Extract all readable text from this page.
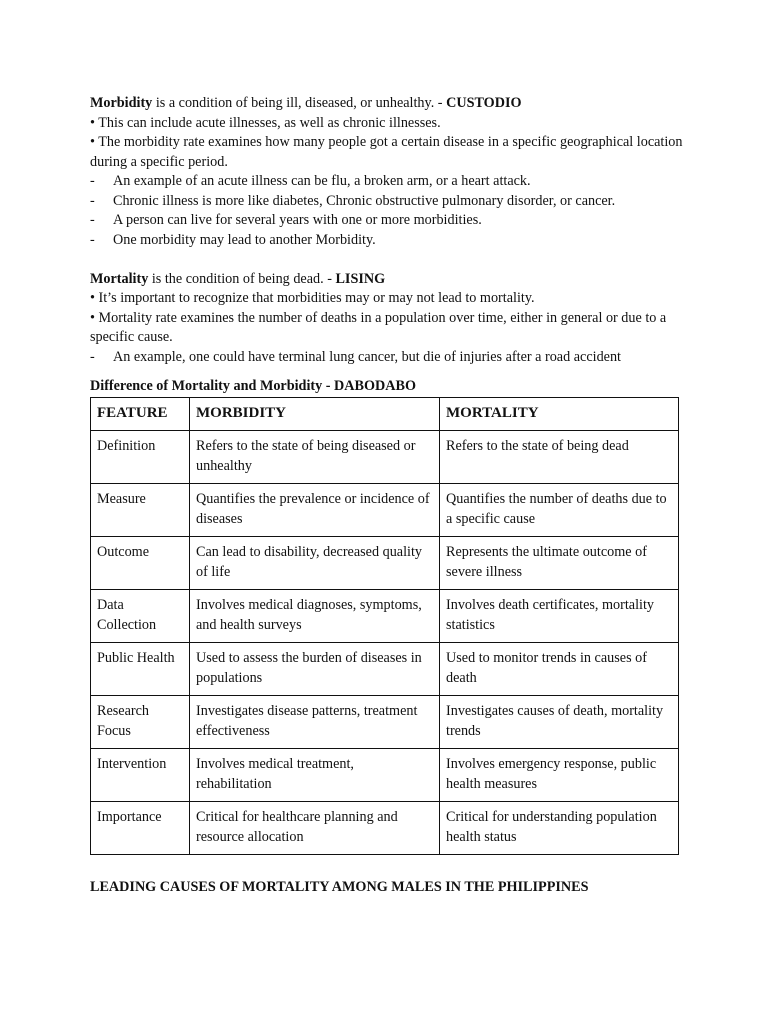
Morbidity is a condition of being ill, diseased, or unhealthy. - CUSTODIO

• This can include acute illnesses, as well as chronic illnesses.

• The morbidity rate examines how many people got a certain disease in a specific geographical location during a specific period.

- An example of an acute illness can be flu, a broken arm, or a heart attack.

- Chronic illness is more like diabetes, Chronic obstructive pulmonary disorder, or cancer.

- A person can live for several years with one or more morbidities.

- One morbidity may lead to another Morbidity.

Mortality is the condition of being dead. - LISING

• It’s important to recognize that morbidities may or may not lead to mortality.

• Mortality rate examines the number of deaths in a population over time, either in general or due to a specific cause.

- An example, one could have terminal lung cancer, but die of injuries after a road accident

Difference of Mortality and Morbidity - DABODABO

FEATURE	MORBIDITY	MORTALITY
Definition	Refers to the state of being diseased or unhealthy	Refers to the state of being dead
Measure	Quantifies the prevalence or incidence of diseases	Quantifies the number of deaths due to a specific cause
Outcome	Can lead to disability, decreased quality of life	Represents the ultimate outcome of severe illness
Data Collection	Involves medical diagnoses, symptoms, and health surveys	Involves death certificates, mortality statistics
Public Health	Used to assess the burden of diseases in populations	Used to monitor trends in causes of death
Research Focus	Investigates disease patterns, treatment effectiveness	Investigates causes of death, mortality trends
Intervention	Involves medical treatment, rehabilitation	Involves emergency response, public health measures
Importance	Critical for healthcare planning and resource allocation	Critical for understanding population health status

LEADING CAUSES OF MORTALITY AMONG MALES IN THE PHILIPPINES
